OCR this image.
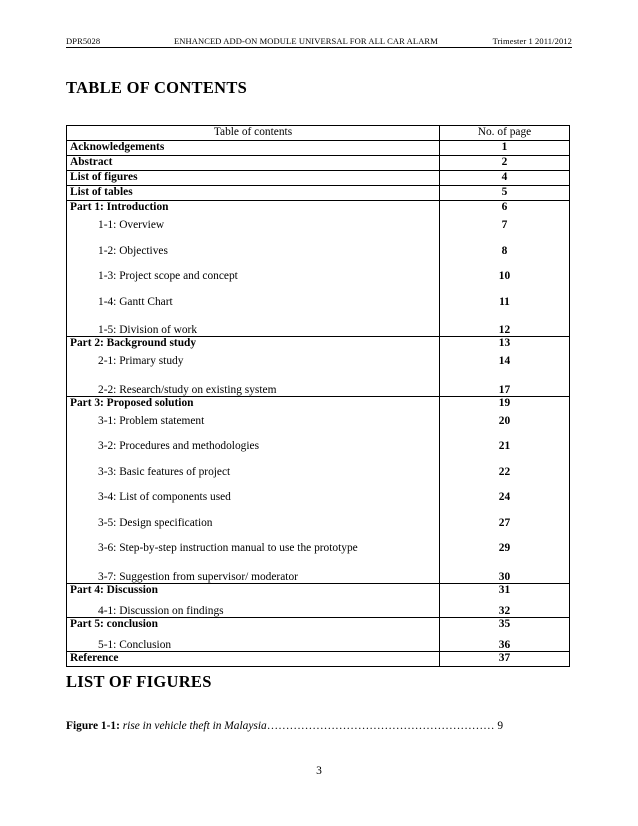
DPR5028	ENHANCED ADD-ON MODULE UNIVERSAL FOR ALL CAR ALARM	Trimester 1 2011/2012
TABLE OF CONTENTS
Table of contents	No. of page
Acknowledgements	1
Abstract	2
List of figures	4
List of tables	5
Part 1: Introduction	6
1-1: Overview	7
1-2: Objectives	8
1-3: Project scope and concept	10
1-4: Gantt Chart	11
1-5: Division of work	12
Part 2: Background study	13
2-1: Primary study	14
2-2: Research/study on existing system	17
Part 3: Proposed solution	19
3-1: Problem statement	20
3-2: Procedures and methodologies	21
3-3: Basic features of project	22
3-4: List of components used	24
3-5: Design specification	27
3-6: Step-by-step instruction manual to use the prototype	29
3-7: Suggestion from supervisor/ moderator	30
Part 4: Discussion	31
4-1: Discussion on findings	32
Part 5: conclusion	35
5-1: Conclusion	36
Reference	37
LIST OF FIGURES
Figure 1-1: rise in vehicle theft in Malaysia…………………………………………………… 9
3
